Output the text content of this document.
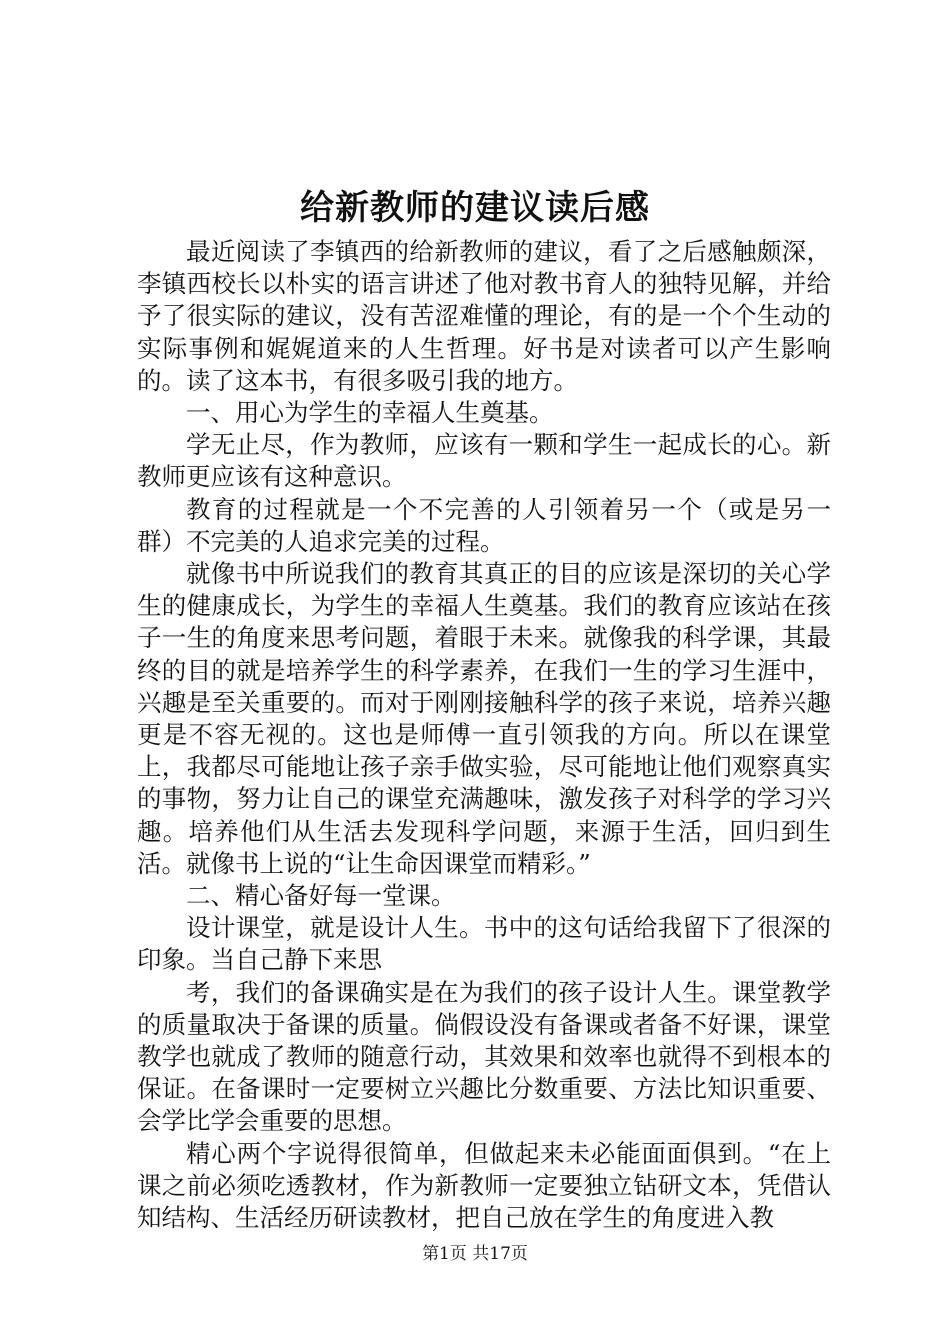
给新教师的建议读后感

最近阅读了李镇西的给新教师的建议，看了之后感触颇深，李镇西校长以朴实的语言讲述了他对教书育人的独特见解，并给予了很实际的建议，没有苦涩难懂的理论，有的是一个个生动的实际事例和娓娓道来的人生哲理。好书是对读者可以产生影响的。读了这本书，有很多吸引我的地方。

一、用心为学生的幸福人生奠基。

学无止尽，作为教师，应该有一颗和学生一起成长的心。新教师更应该有这种意识。

教育的过程就是一个不完善的人引领着另一个（或是另一群）不完美的人追求完美的过程。

就像书中所说我们的教育其真正的目的应该是深切的关心学生的健康成长，为学生的幸福人生奠基。我们的教育应该站在孩子一生的角度来思考问题，着眼于未来。就像我的科学课，其最终的目的就是培养学生的科学素养，在我们一生的学习生涯中，兴趣是至关重要的。而对于刚刚接触科学的孩子来说，培养兴趣更是不容无视的。这也是师傅一直引领我的方向。所以在课堂上，我都尽可能地让孩子亲手做实验，尽可能地让他们观察真实的事物，努力让自己的课堂充满趣味，激发孩子对科学的学习兴趣。培养他们从生活去发现科学问题，来源于生活，回归到生活。就像书上说的“让生命因课堂而精彩。”

二、精心备好每一堂课。

设计课堂，就是设计人生。书中的这句话给我留下了很深的印象。当自己静下来思

考，我们的备课确实是在为我们的孩子设计人生。课堂教学的质量取决于备课的质量。倘假设没有备课或者备不好课，课堂教学也就成了教师的随意行动，其效果和效率也就得不到根本的保证。在备课时一定要树立兴趣比分数重要、方法比知识重要、会学比学会重要的思想。

精心两个字说得很简单，但做起来未必能面面俱到。“在上课之前必须吃透教材，作为新教师一定要独立钻研文本，凭借认知结构、生活经历研读教材，把自己放在学生的角度进入教

第1页 共17页
